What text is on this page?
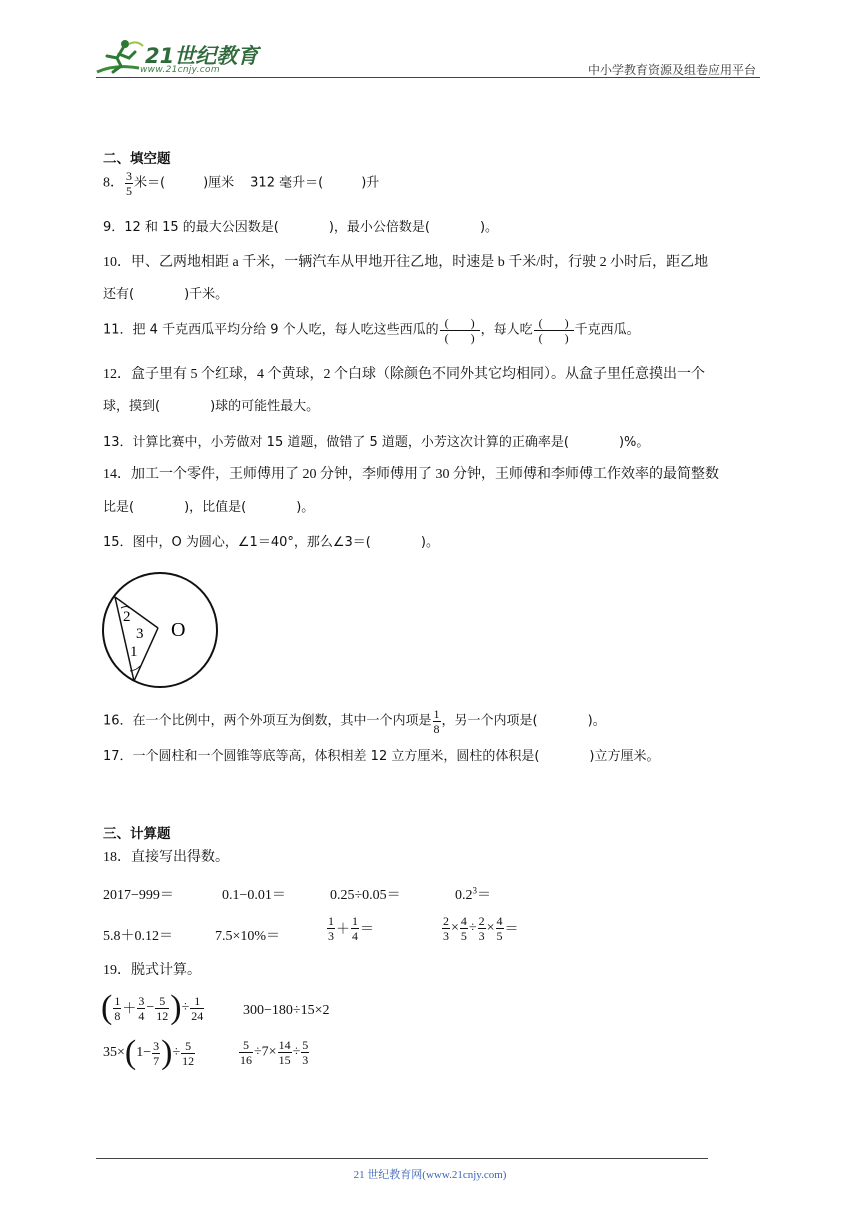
21世纪教育
www.21cnjy.com	中小学教育资源及组卷应用平台
二、填空题
8． $\frac{3}{5}$ 米＝(	)厘米 312 毫升＝(	)升
9．12 和 15 的最大公因数是(	)，最小公倍数是(	)。
10．甲、乙两地相距 a 千米，一辆汽车从甲地开往乙地，时速是 b 千米/时，行驶 2 小时后，距乙地
还有(	)千米。
11．把 4 千克西瓜平均分给 9 个人吃，每人吃这些西瓜的 $\frac{( )}{( )}$ ，每人吃 $\frac{( )}{( )}$ 千克西瓜。
12．盒子里有 5 个红球，4 个黄球，2 个白球（除颜色不同外其它均相同）。从盒子里任意摸出一个
球，摸到(	)球的可能性最大。
13．计算比赛中，小芳做对 15 道题，做错了 5 道题，小芳这次计算的正确率是(	)%。
14．加工一个零件，王师傅用了 20 分钟，李师傅用了 30 分钟，王师傅和李师傅工作效率的最简整数
比是(	)，比值是(	)。
15．图中，O 为圆心，∠1＝40°，那么∠3＝(	)。
2
3
1
O
16．在一个比例中，两个外项互为倒数，其中一个内项是 $\frac{1}{8}$ ，另一个内项是(	)。
17．一个圆柱和一个圆锥等底等高，体积相差 12 立方厘米，圆柱的体积是(	)立方厘米。
三、计算题
18．直接写出得数。
2017−999＝	0.1−0.01＝	0.25÷0.05＝	$0.2^3=$
5.8＋0.12＝	7.5×10%＝	$\frac{1}{3} + \frac{1}{4}$ ＝	$\frac{2}{3} \times \frac{4}{5} \div \frac{2}{3} \times \frac{4}{5}$ ＝
19．脱式计算。
( $\frac{1}{8} + \frac{3}{4} - \frac{5}{12}$ )÷ $\frac{1}{24}$	300−180÷15×2
$35\times(1- \frac{3}{7}$ )÷ $\frac{5}{12}$	$\frac{5}{16} \div 7\times \frac{14}{15} \div \frac{5}{3}$
21 世纪教育网(www.21cnjy.com)
